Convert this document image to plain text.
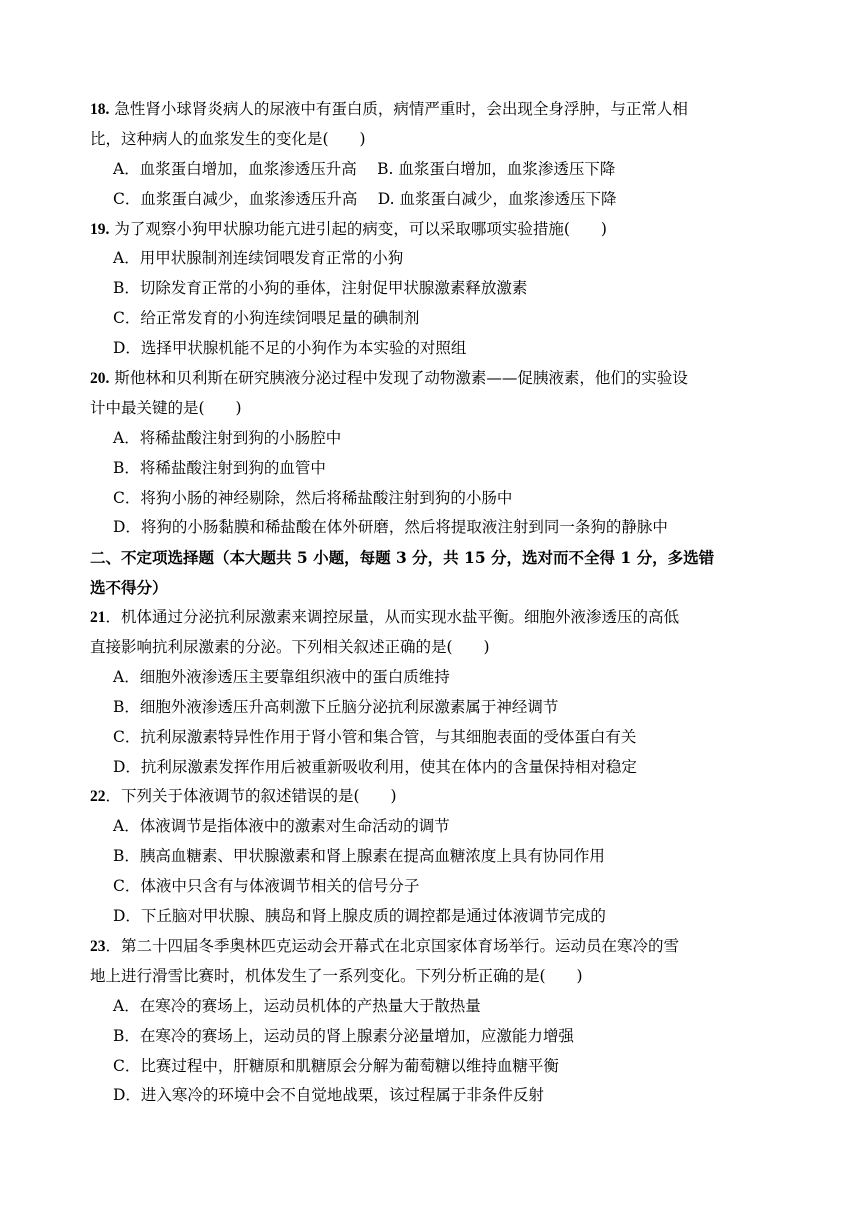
18. 急性肾小球肾炎病人的尿液中有蛋白质，病情严重时，会出现全身浮肿，与正常人相
比，这种病人的血浆发生的变化是(　　)
A．血浆蛋白增加，血浆渗透压升高　 B. 血浆蛋白增加，血浆渗透压下降
C．血浆蛋白减少，血浆渗透压升高　 D. 血浆蛋白减少，血浆渗透压下降
19. 为了观察小狗甲状腺功能亢进引起的病变，可以采取哪项实验措施(　　)
A．用甲状腺制剂连续饲喂发育正常的小狗
B．切除发育正常的小狗的垂体，注射促甲状腺激素释放激素
C．给正常发育的小狗连续饲喂足量的碘制剂
D．选择甲状腺机能不足的小狗作为本实验的对照组
20. 斯他林和贝利斯在研究胰液分泌过程中发现了动物激素——促胰液素，他们的实验设
计中最关键的是(　　)
A．将稀盐酸注射到狗的小肠腔中
B．将稀盐酸注射到狗的血管中
C．将狗小肠的神经剔除，然后将稀盐酸注射到狗的小肠中
D．将狗的小肠黏膜和稀盐酸在体外研磨，然后将提取液注射到同一条狗的静脉中
二、不定项选择题（本大题共 5 小题，每题 3 分，共 15 分，选对而不全得 1 分，多选错
选不得分）
21．机体通过分泌抗利尿激素来调控尿量，从而实现水盐平衡。细胞外液渗透压的高低
直接影响抗利尿激素的分泌。下列相关叙述正确的是(　　)
A．细胞外液渗透压主要靠组织液中的蛋白质维持
B．细胞外液渗透压升高刺激下丘脑分泌抗利尿激素属于神经调节
C．抗利尿激素特异性作用于肾小管和集合管，与其细胞表面的受体蛋白有关
D．抗利尿激素发挥作用后被重新吸收利用，使其在体内的含量保持相对稳定
22．下列关于体液调节的叙述错误的是(　　)
A．体液调节是指体液中的激素对生命活动的调节
B．胰高血糖素、甲状腺激素和肾上腺素在提高血糖浓度上具有协同作用
C．体液中只含有与体液调节相关的信号分子
D．下丘脑对甲状腺、胰岛和肾上腺皮质的调控都是通过体液调节完成的
23．第二十四届冬季奥林匹克运动会开幕式在北京国家体育场举行。运动员在寒冷的雪
地上进行滑雪比赛时，机体发生了一系列变化。下列分析正确的是(　　)
A．在寒冷的赛场上，运动员机体的产热量大于散热量
B．在寒冷的赛场上，运动员的肾上腺素分泌量增加，应激能力增强
C．比赛过程中，肝糖原和肌糖原会分解为葡萄糖以维持血糖平衡
D．进入寒冷的环境中会不自觉地战栗，该过程属于非条件反射
